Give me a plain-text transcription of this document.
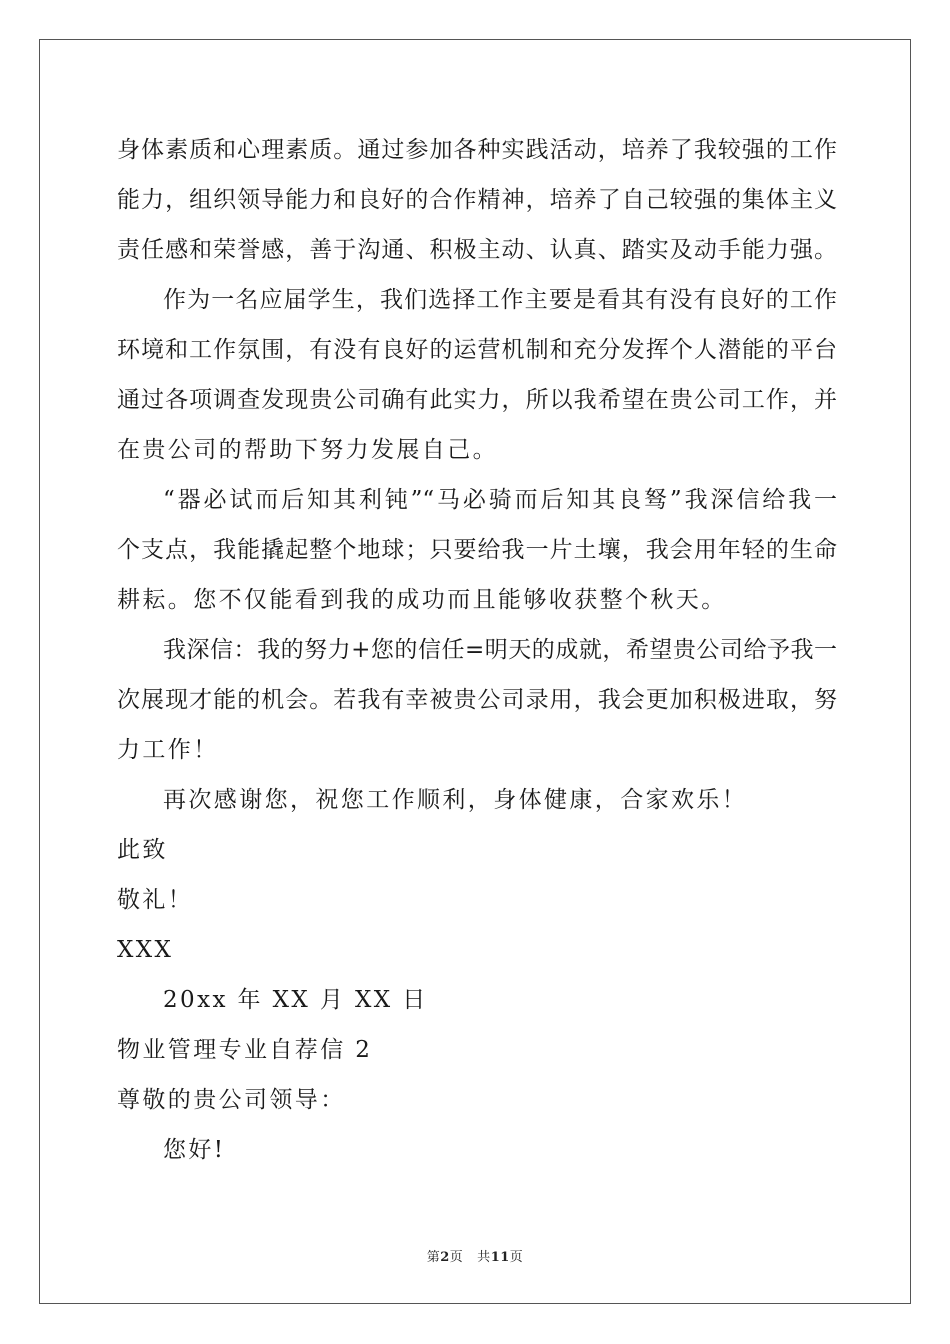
身体素质和心理素质。通过参加各种实践活动，培养了我较强的工作
能力，组织领导能力和良好的合作精神，培养了自己较强的集体主义
责任感和荣誉感，善于沟通、积极主动、认真、踏实及动手能力强。
作为一名应届学生，我们选择工作主要是看其有没有良好的工作
环境和工作氛围，有没有良好的运营机制和充分发挥个人潜能的平台
通过各项调查发现贵公司确有此实力，所以我希望在贵公司工作，并
在贵公司的帮助下努力发展自己。
“器必试而后知其利钝”“马必骑而后知其良驽”我深信给我一
个支点，我能撬起整个地球；只要给我一片土壤，我会用年轻的生命
耕耘。您不仅能看到我的成功而且能够收获整个秋天。
我深信：我的努力+您的信任=明天的成就，希望贵公司给予我一
次展现才能的机会。若我有幸被贵公司录用，我会更加积极进取，努
力工作！
再次感谢您，祝您工作顺利，身体健康，合家欢乐！
此致
敬礼！
XXX
20xx 年 XX 月 XX 日
物业管理专业自荐信 2
尊敬的贵公司领导：
您好!
第2页 共11页
